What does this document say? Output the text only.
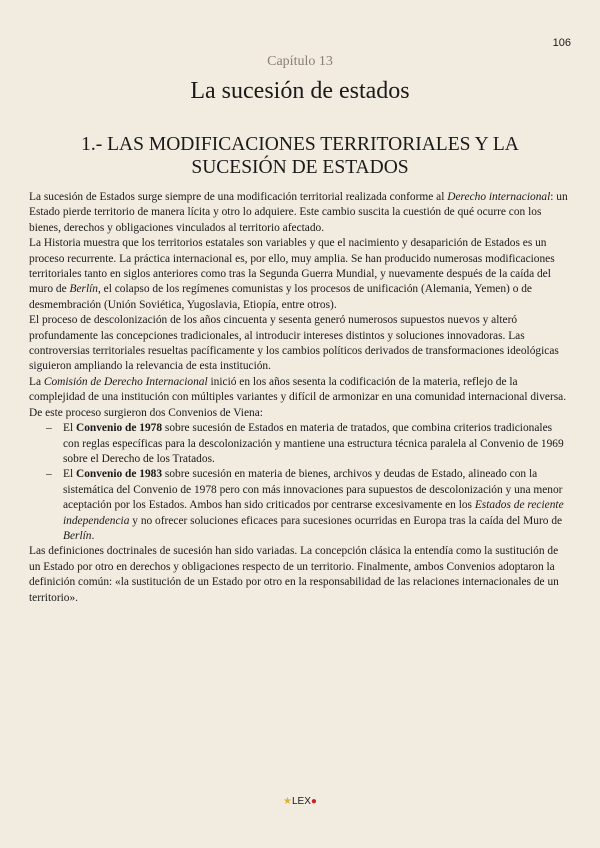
106
Capítulo 13
La sucesión de estados
1.- LAS MODIFICACIONES TERRITORIALES Y LA SUCESIÓN DE ESTADOS

La sucesión de Estados surge siempre de una modificación territorial realizada conforme al Derecho internacional: un Estado pierde territorio de manera lícita y otro lo adquiere. Este cambio suscita la cuestión de qué ocurre con los bienes, derechos y obligaciones vinculados al territorio afectado.

La Historia muestra que los territorios estatales son variables y que el nacimiento y desaparición de Estados es un proceso recurrente. La práctica internacional es, por ello, muy amplia. Se han producido numerosas modificaciones territoriales tanto en siglos anteriores como tras la Segunda Guerra Mundial, y nuevamente después de la caída del muro de Berlín, el colapso de los regímenes comunistas y los procesos de unificación (Alemania, Yemen) o de desmembración (Unión Soviética, Yugoslavia, Etiopía, entre otros).

El proceso de descolonización de los años cincuenta y sesenta generó numerosos supuestos nuevos y alteró profundamente las concepciones tradicionales, al introducir intereses distintos y soluciones innovadoras. Las controversias territoriales resueltas pacíficamente y los cambios políticos derivados de transformaciones ideológicas siguieron ampliando la relevancia de esta institución.

La Comisión de Derecho Internacional inició en los años sesenta la codificación de la materia, reflejo de la complejidad de una institución con múltiples variantes y difícil de armonizar en una comunidad internacional diversa.

De este proceso surgieron dos Convenios de Viena:

– El Convenio de 1978 sobre sucesión de Estados en materia de tratados, que combina criterios tradicionales con reglas específicas para la descolonización y mantiene una estructura técnica paralela al Convenio de 1969 sobre el Derecho de los Tratados.
– El Convenio de 1983 sobre sucesión en materia de bienes, archivos y deudas de Estado, alineado con la sistemática del Convenio de 1978 pero con más innovaciones para supuestos de descolonización y una menor aceptación por los Estados. Ambos han sido criticados por centrarse excesivamente en los Estados de reciente independencia y no ofrecer soluciones eficaces para sucesiones ocurridas en Europa tras la caída del Muro de Berlín.

Las definiciones doctrinales de sucesión han sido variadas. La concepción clásica la entendía como la sustitución de un Estado por otro en derechos y obligaciones respecto de un territorio. Finalmente, ambos Convenios adoptaron la definición común: «la sustitución de un Estado por otro en la responsabilidad de las relaciones internacionales de un territorio».

★LEX●
